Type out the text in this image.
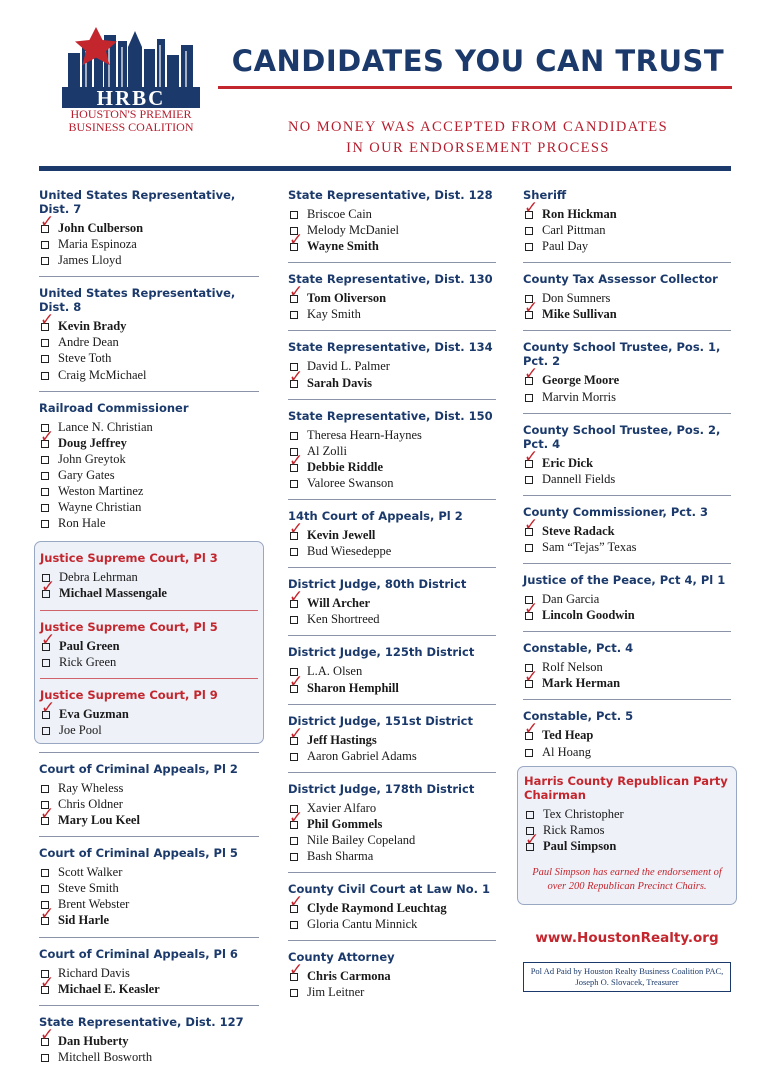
HRBC
HOUSTON'S PREMIER
BUSINESS COALITION
CANDIDATES YOU CAN TRUST
NO MONEY WAS ACCEPTED FROM CANDIDATES
IN OUR ENDORSEMENT PROCESS
United States Representative, Dist. 7
✓ John Culberson
Maria Espinoza
James Lloyd
United States Representative, Dist. 8
✓ Kevin Brady
Andre Dean
Steve Toth
Craig McMichael
Railroad Commissioner
Lance N. Christian
✓ Doug Jeffrey
John Greytok
Gary Gates
Weston Martinez
Wayne Christian
Ron Hale
Justice Supreme Court, Pl 3
Debra Lehrman
✓ Michael Massengale
Justice Supreme Court, Pl 5
✓ Paul Green
Rick Green
Justice Supreme Court, Pl 9
✓ Eva Guzman
Joe Pool
Court of Criminal Appeals, Pl 2
Ray Wheless
Chris Oldner
✓ Mary Lou Keel
Court of Criminal Appeals, Pl 5
Scott Walker
Steve Smith
Brent Webster
✓ Sid Harle
Court of Criminal Appeals, Pl 6
Richard Davis
✓ Michael E. Keasler
State Representative, Dist. 127
✓ Dan Huberty
Mitchell Bosworth
State Representative, Dist. 128
Briscoe Cain
Melody McDaniel
✓ Wayne Smith
State Representative, Dist. 130
✓ Tom Oliverson
Kay Smith
State Representative, Dist. 134
David L. Palmer
✓ Sarah Davis
State Representative, Dist. 150
Theresa Hearn-Haynes
Al Zolli
✓ Debbie Riddle
Valoree Swanson
14th Court of Appeals, Pl 2
✓ Kevin Jewell
Bud Wiesedeppe
District Judge, 80th District
✓ Will Archer
Ken Shortreed
District Judge, 125th District
L.A. Olsen
✓ Sharon Hemphill
District Judge, 151st District
✓ Jeff Hastings
Aaron Gabriel Adams
District Judge, 178th District
Xavier Alfaro
✓ Phil Gommels
Nile Bailey Copeland
Bash Sharma
County Civil Court at Law No. 1
✓ Clyde Raymond Leuchtag
Gloria Cantu Minnick
County Attorney
✓ Chris Carmona
Jim Leitner
Sheriff
✓ Ron Hickman
Carl Pittman
Paul Day
County Tax Assessor Collector
Don Sumners
✓ Mike Sullivan
County School Trustee, Pos. 1, Pct. 2
✓ George Moore
Marvin Morris
County School Trustee, Pos. 2, Pct. 4
✓ Eric Dick
Dannell Fields
County Commissioner, Pct. 3
✓ Steve Radack
Sam “Tejas” Texas
Justice of the Peace, Pct 4, Pl 1
Dan Garcia
✓ Lincoln Goodwin
Constable, Pct. 4
Rolf Nelson
✓ Mark Herman
Constable, Pct. 5
✓ Ted Heap
Al Hoang
Harris County Republican Party Chairman
Tex Christopher
Rick Ramos
✓ Paul Simpson
Paul Simpson has earned the endorsement of over 200 Republican Precinct Chairs.
www.HoustonRealty.org
Pol Ad Paid by Houston Realty Business Coalition PAC,
Joseph O. Slovacek, Treasurer
